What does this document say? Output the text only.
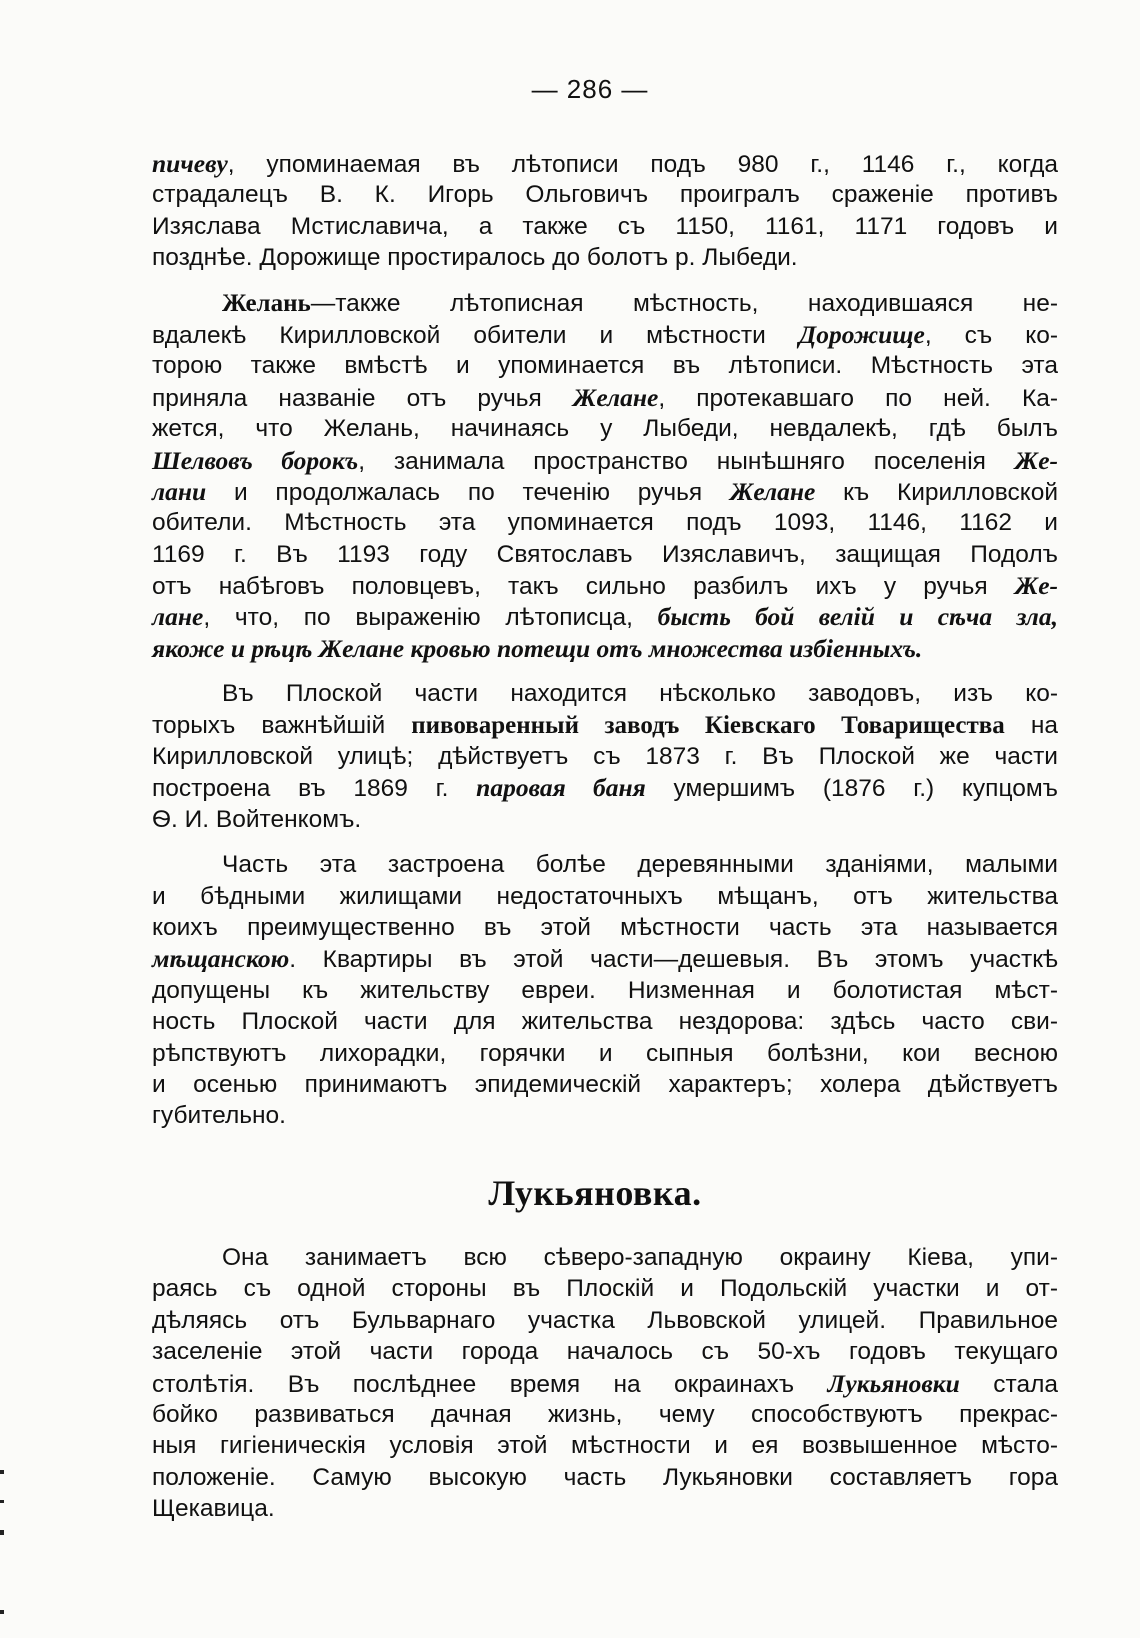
— 286 —
пичеву, упоминаемая въ лѣтописи подъ 980 г., 1146 г., когда
страдалецъ В. К. Игорь Ольговичъ проигралъ сраженіе противъ
Изяслава Мстиславича, а также съ 1150, 1161, 1171 годовъ и
позднѣе. Дорожище простиралось до болотъ р. Лыбеди.
Желань—также лѣтописная мѣстность, находившаяся не-
вдалекѣ Кирилловской обители и мѣстности Дорожище, съ ко-
торою также вмѣстѣ и упоминается въ лѣтописи. Мѣстность эта
приняла названіе отъ ручья Желане, протекавшаго по ней. Ка-
жется, что Желань, начинаясь у Лыбеди, невдалекѣ, гдѣ былъ
Шелвовъ борокъ, занимала пространство нынѣшняго поселенія Же-
лани и продолжалась по теченію ручья Желане къ Кирилловской
обители. Мѣстность эта упоминается подъ 1093, 1146, 1162 и
1169 г. Въ 1193 году Святославъ Изяславичъ, защищая Подолъ
отъ набѣговъ половцевъ, такъ сильно разбилъ ихъ у ручья Же-
лане, что, по выраженію лѣтописца, бысть бой велій и сѣча зла,
якоже и рѣцѣ Желане кровью потещи отъ множества избіенныхъ.
Въ Плоской части находится нѣсколько заводовъ, изъ ко-
торыхъ важнѣйшій пивоваренный заводъ Кіевскаго Товарищества на
Кирилловской улицѣ; дѣйствуетъ съ 1873 г. Въ Плоской же части
построена въ 1869 г. паровая баня умершимъ (1876 г.) купцомъ
Ѳ. И. Войтенкомъ.
Часть эта застроена болѣе деревянными зданіями, малыми
и бѣдными жилищами недостаточныхъ мѣщанъ, отъ жительства
коихъ преимущественно въ этой мѣстности часть эта называется
мѣщанскою. Квартиры въ этой части—дешевыя. Въ этомъ участкѣ
допущены къ жительству евреи. Низменная и болотистая мѣст-
ность Плоской части для жительства нездорова: здѣсь часто сви-
рѣпствуютъ лихорадки, горячки и сыпныя болѣзни, кои весною
и осенью принимаютъ эпидемическій характеръ; холера дѣйствуетъ
губительно.
Лукьяновка.
Она занимаетъ всю сѣверо-западную окраину Кіева, упи-
раясь съ одной стороны въ Плоскій и Подольскій участки и от-
дѣляясь отъ Бульварнаго участка Львовской улицей. Правильное
заселеніе этой части города началось съ 50-хъ годовъ текущаго
столѣтія. Въ послѣднее время на окраинахъ Лукьяновки стала
бойко развиваться дачная жизнь, чему способствуютъ прекрас-
ныя гигіеническія условія этой мѣстности и ея возвышенное мѣсто-
положеніе. Самую высокую часть Лукьяновки составляетъ гора
Щекавица.
